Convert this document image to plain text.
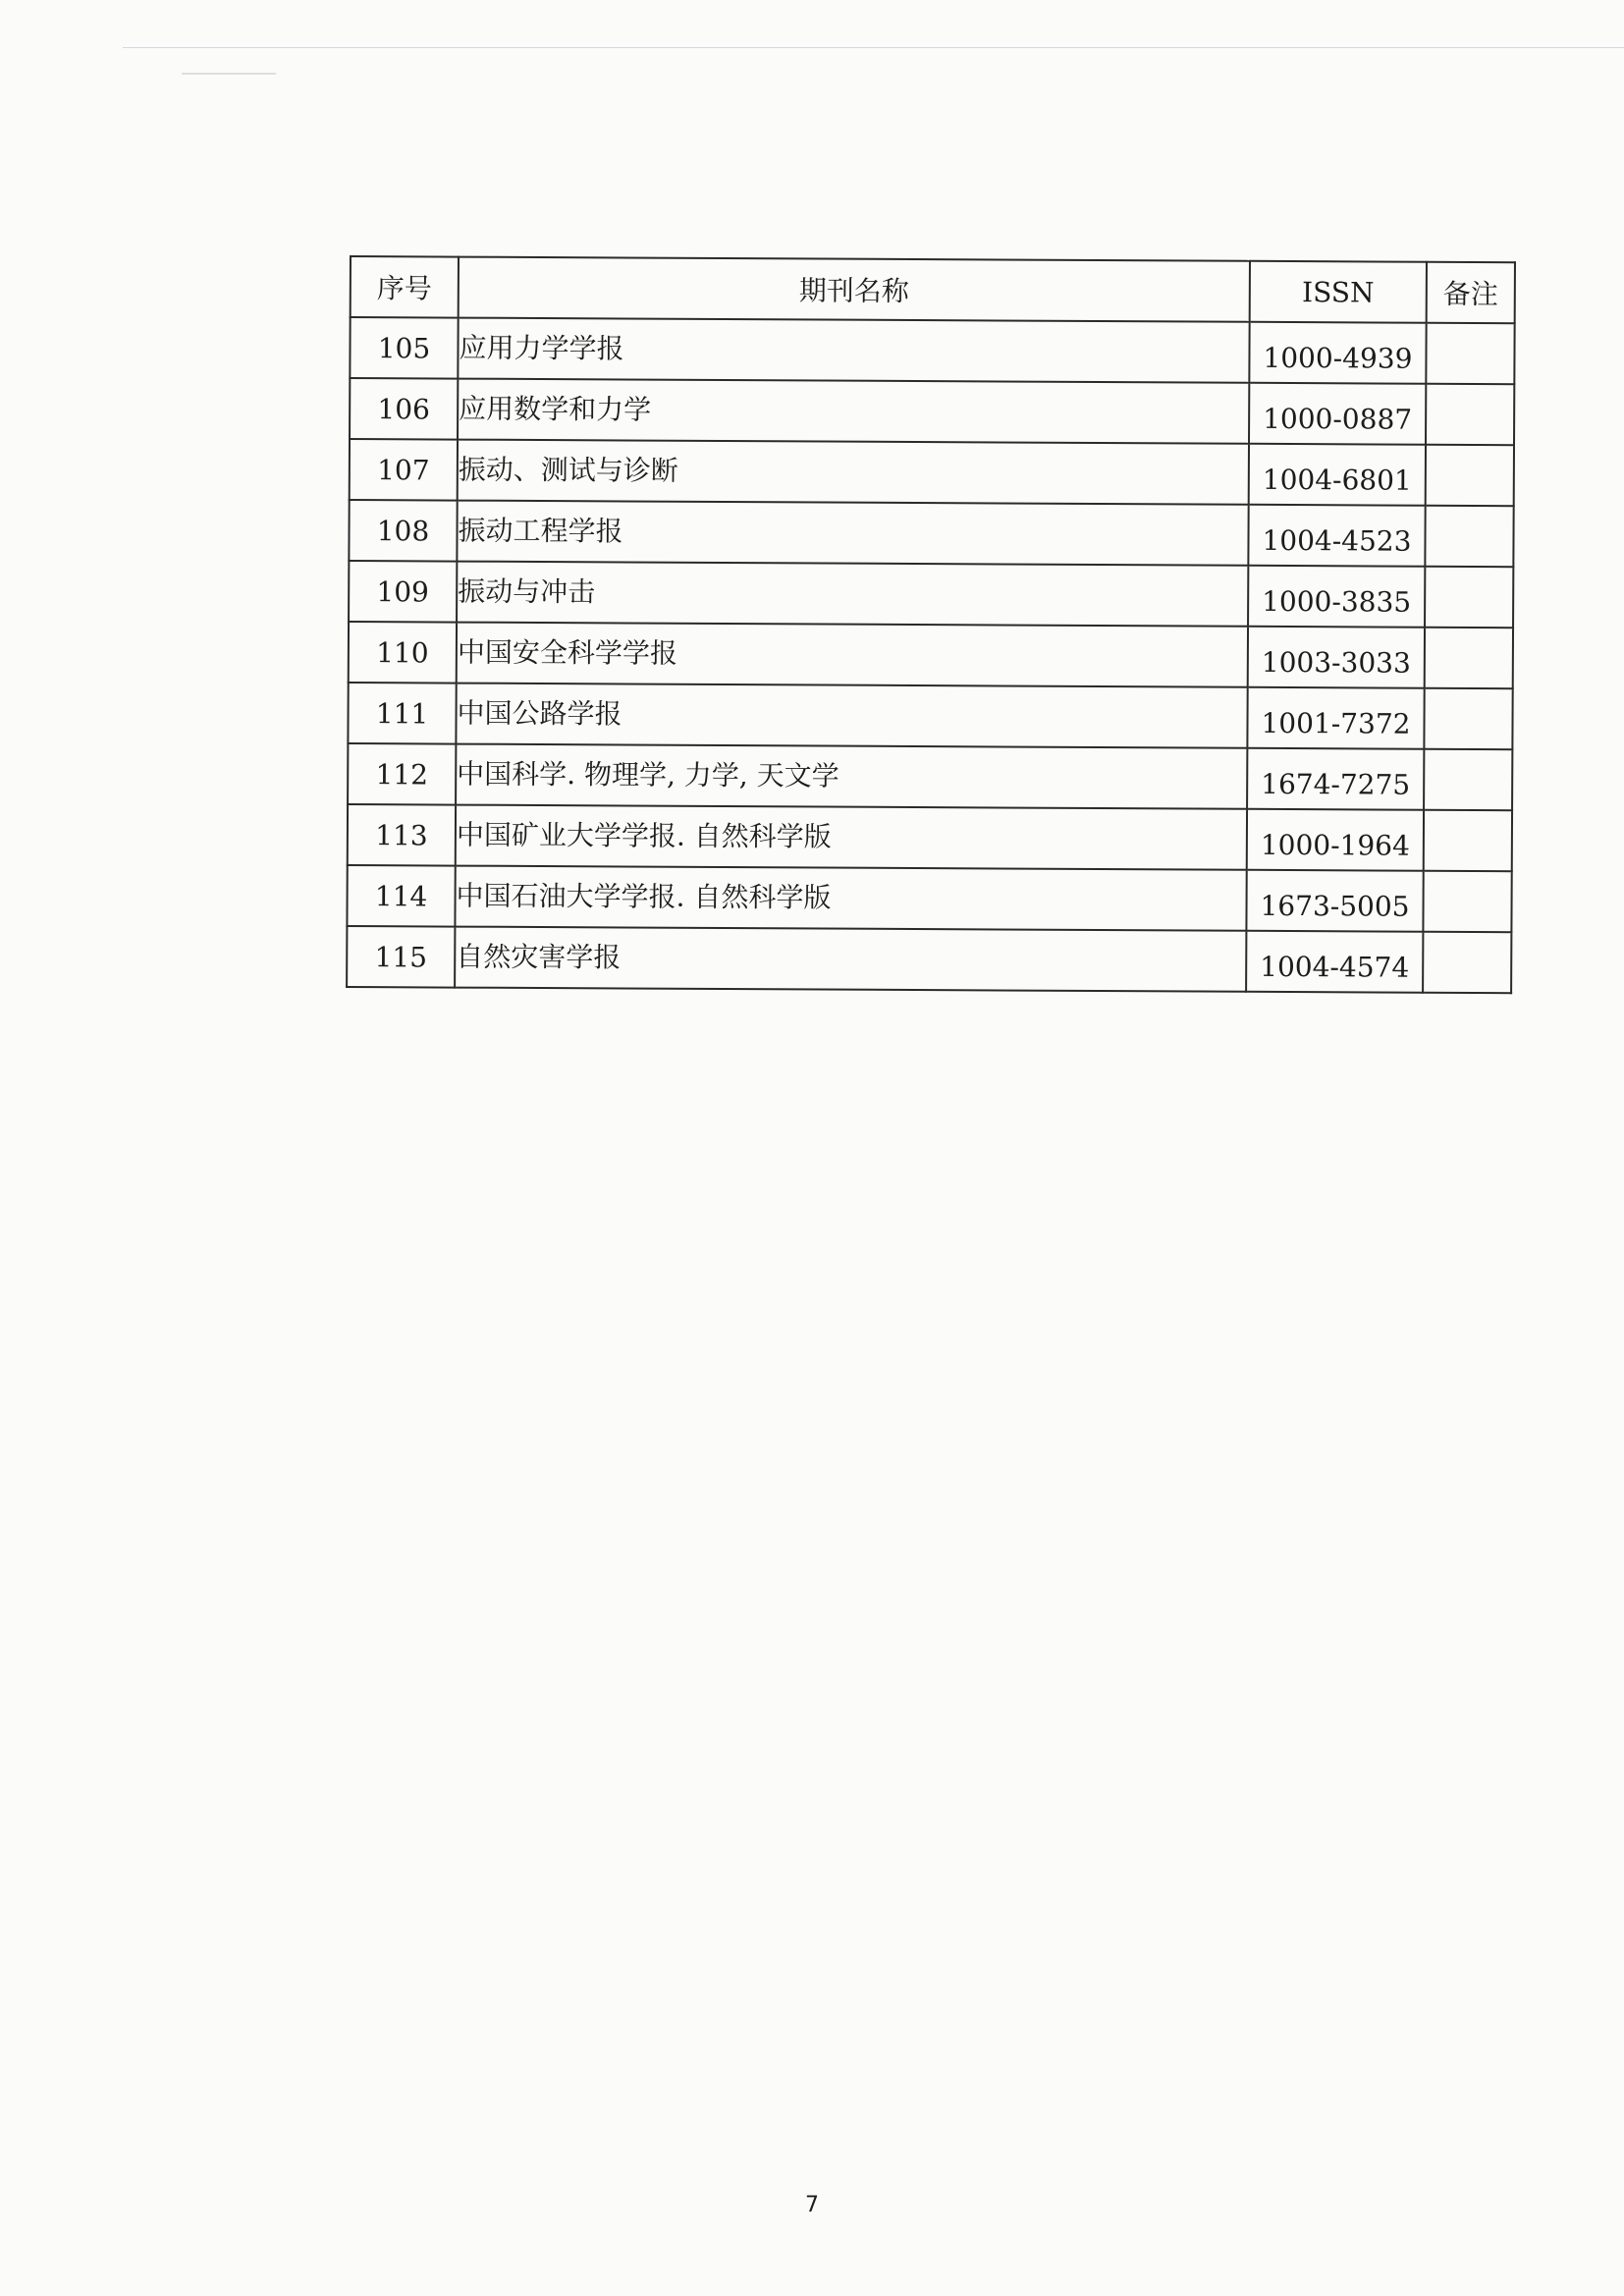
序号	期刊名称	ISSN	备注
105	应用力学学报	1000-4939	
106	应用数学和力学	1000-0887	
107	振动、测试与诊断	1004-6801	
108	振动工程学报	1004-4523	
109	振动与冲击	1000-3835	
110	中国安全科学学报	1003-3033	
111	中国公路学报	1001-7372	
112	中国科学. 物理学, 力学, 天文学	1674-7275	
113	中国矿业大学学报. 自然科学版	1000-1964	
114	中国石油大学学报. 自然科学版	1673-5005	
115	自然灾害学报	1004-4574	
7
